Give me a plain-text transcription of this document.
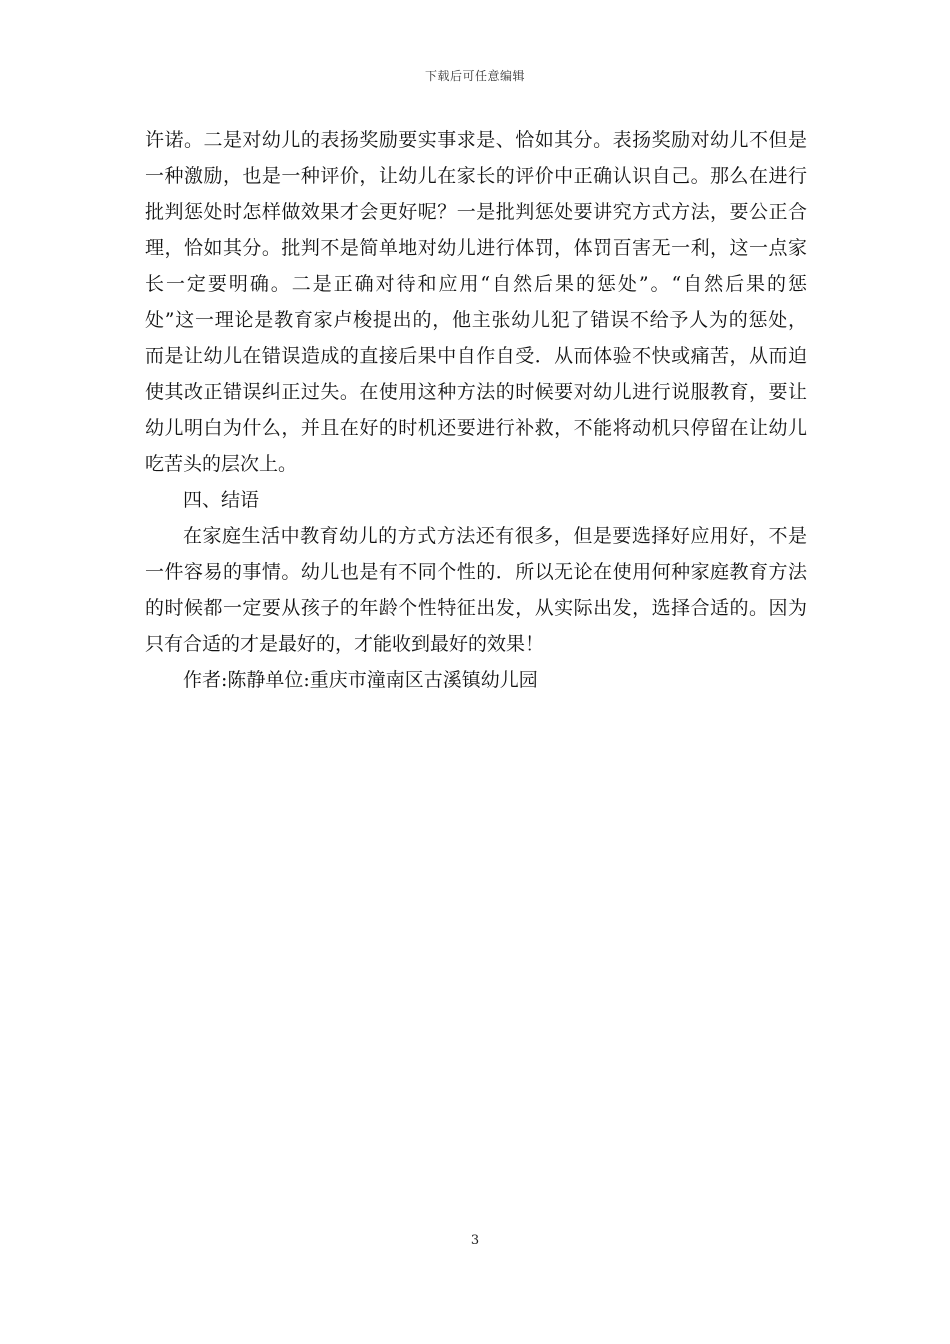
下载后可任意编辑
许诺。二是对幼儿的表扬奖励要实事求是、恰如其分。表扬奖励对幼儿不但是
一种激励，也是一种评价，让幼儿在家长的评价中正确认识自己。那么在进行
批判惩处时怎样做效果才会更好呢？一是批判惩处要讲究方式方法，要公正合
理，恰如其分。批判不是简单地对幼儿进行体罚，体罚百害无一利，这一点家
长一定要明确。二是正确对待和应用“自然后果的惩处”。“自然后果的惩
处”这一理论是教育家卢梭提出的，他主张幼儿犯了错误不给予人为的惩处，
而是让幼儿在错误造成的直接后果中自作自受．从而体验不快或痛苦，从而迫
使其改正错误纠正过失。在使用这种方法的时候要对幼儿进行说服教育，要让
幼儿明白为什么，并且在好的时机还要进行补救，不能将动机只停留在让幼儿
吃苦头的层次上。
四、结语
在家庭生活中教育幼儿的方式方法还有很多，但是要选择好应用好，不是
一件容易的事情。幼儿也是有不同个性的．所以无论在使用何种家庭教育方法
的时候都一定要从孩子的年龄个性特征出发，从实际出发，选择合适的。因为
只有合适的才是最好的，才能收到最好的效果！
作者:陈静单位:重庆市潼南区古溪镇幼儿园
3
